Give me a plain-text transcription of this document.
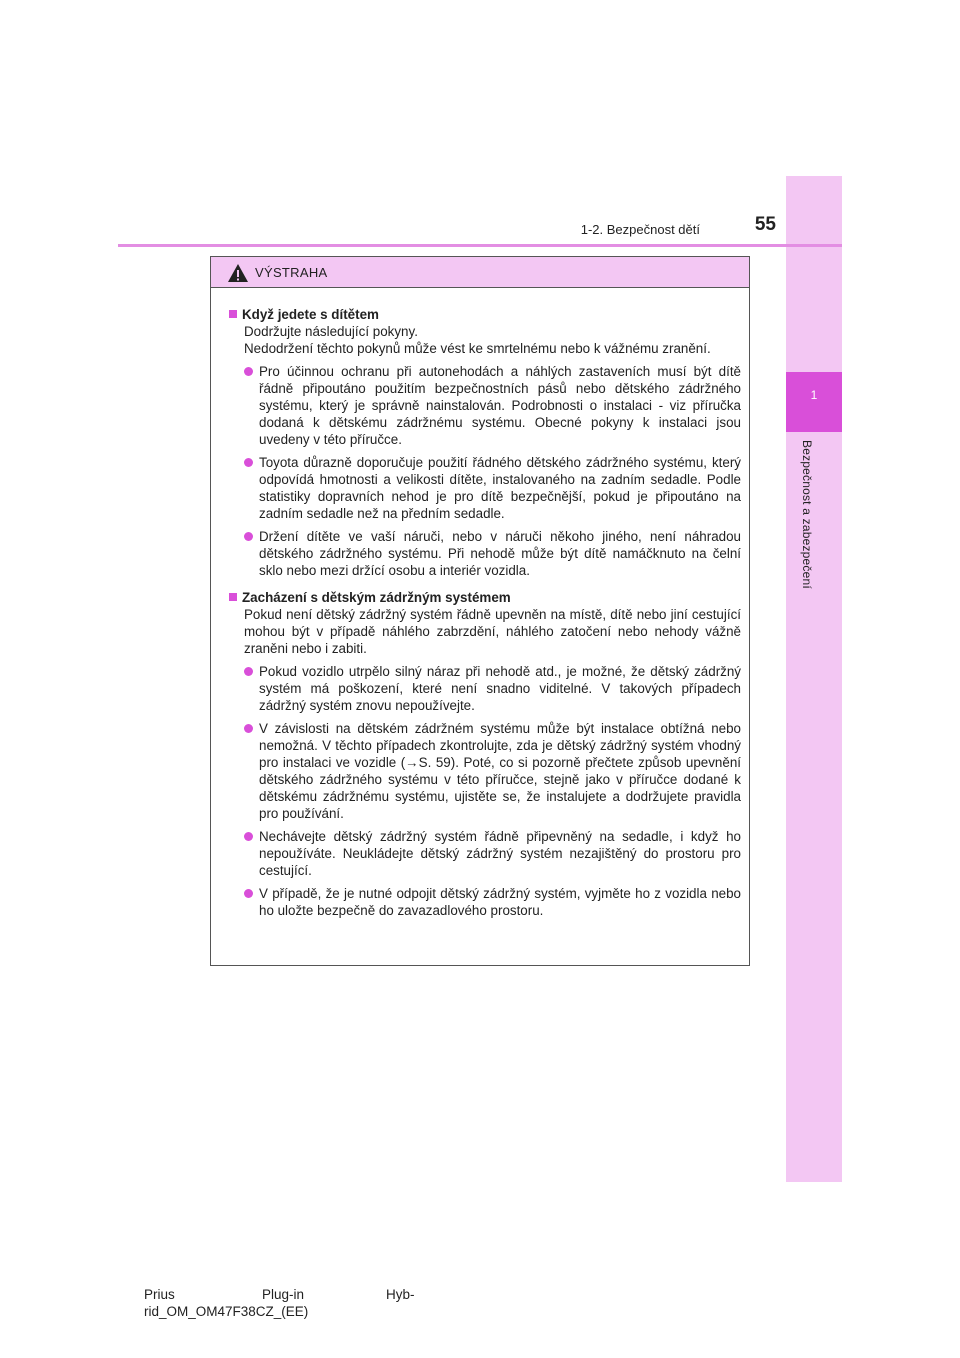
1
Bezpečnost a zabezpečení
1-2. Bezpečnost dětí	55
VÝSTRAHA
Když jedete s dítětem

Dodržujte následující pokyny.

Nedodržení těchto pokynů může vést ke smrtelnému nebo k vážnému zranění.

Pro účinnou ochranu při autonehodách a náhlých zastaveních musí být dítě řádně připoutáno použitím bezpečnostních pásů nebo dětského zádržného systému, který je správně nainstalován. Podrobnosti o instalaci - viz příručka dodaná k dětskému zádržnému systému. Obecné pokyny k instalaci jsou uvedeny v této příručce.
Toyota důrazně doporučuje použití řádného dětského zádržného systému, který odpovídá hmotnosti a velikosti dítěte, instalovaného na zadním sedadle. Podle statistiky dopravních nehod je pro dítě bezpečnější, pokud je připoutáno na zadním sedadle než na předním sedadle.
Držení dítěte ve vaší náruči, nebo v náruči někoho jiného, není náhradou dětského zádržného systému. Při nehodě může být dítě namáčknuto na čelní sklo nebo mezi držící osobu a interiér vozidla.
Zacházení s dětským zádržným systémem

Pokud není dětský zádržný systém řádně upevněn na místě, dítě nebo jiní cestující mohou být v případě náhlého zabrzdění, náhlého zatočení nebo nehody vážně zraněni nebo i zabiti.

Pokud vozidlo utrpělo silný náraz při nehodě atd., je možné, že dětský zádržný systém má poškození, které není snadno viditelné. V takových případech zádržný systém znovu nepoužívejte.
V závislosti na dětském zádržném systému může být instalace obtížná nebo nemožná. V těchto případech zkontrolujte, zda je dětský zádržný systém vhodný pro instalaci ve vozidle (→S. 59). Poté, co si pozorně přečtete způsob upevnění dětského zádržného systému v této příručce, stejně jako v příručce dodané k dětskému zádržnému systému, ujistěte se, že instalujete a dodržujete pravidla pro používání.
Nechávejte dětský zádržný systém řádně připevněný na sedadle, i když ho nepoužíváte. Neukládejte dětský zádržný systém nezajištěný do prostoru pro cestující.
V případě, že je nutné odpojit dětský zádržný systém, vyjměte ho z vozidla nebo ho uložte bezpečně do zavazadlového prostoru.
Prius	Plug-in	Hyb-
rid_OM_OM47F38CZ_(EE)
